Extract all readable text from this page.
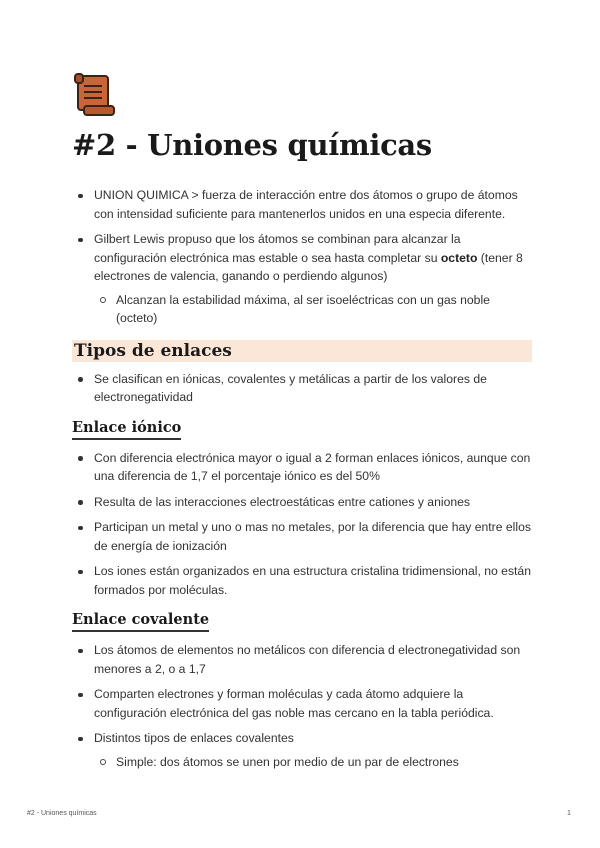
#2 - Uniones químicas
UNION QUIMICA > fuerza de interacción entre dos átomos o grupo de átomos con intensidad suficiente para mantenerlos unidos en una especia diferente.
Gilbert Lewis propuso que los átomos se combinan para alcanzar la configuración electrónica mas estable o sea hasta completar su octeto (tener 8 electrones de valencia, ganando o perdiendo algunos)
Alcanzan la estabilidad máxima, al ser isoeléctricas con un gas noble (octeto)
Tipos de enlaces
Se clasifican en iónicas, covalentes y metálicas a partir de los valores de electronegatividad
Enlace iónico
Con diferencia electrónica mayor o igual a 2 forman enlaces iónicos, aunque con una diferencia de 1,7 el porcentaje iónico es del 50%
Resulta de las interacciones electroestáticas entre cationes y aniones
Participan un metal y uno o mas no metales, por la diferencia que hay entre ellos de energía de ionización
Los iones están organizados en una estructura cristalina tridimensional, no están formados por moléculas.
Enlace covalente
Los átomos de elementos no metálicos con diferencia d electronegatividad son menores a 2, o a 1,7
Comparten electrones y forman moléculas y cada átomo adquiere la configuración electrónica del gas noble mas cercano en la tabla periódica.
Distintos tipos de enlaces covalentes
Simple: dos átomos se unen por medio de un par de electrones
#2 - Uniones químicas	1
